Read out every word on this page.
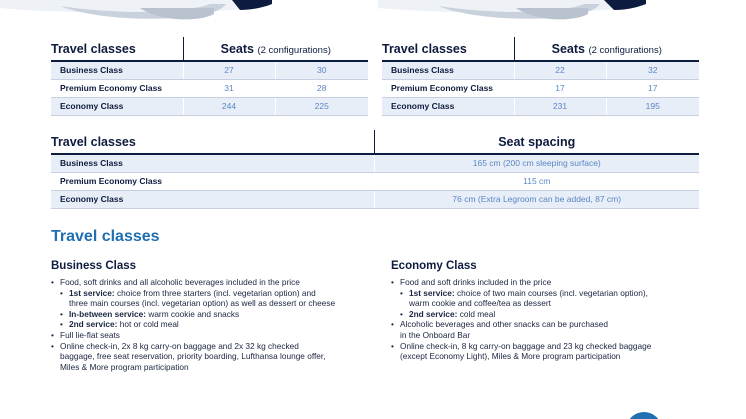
Travel classes	Seats (2 configurations)	
Business Class	27	30
Premium Economy Class	31	28
Economy Class	244	225
Travel classes	Seats (2 configurations)	
Business Class	22	32
Premium Economy Class	17	17
Economy Class	231	195
Travel classes	Seat spacing
Business Class	165 cm (200 cm sleeping surface)
Premium Economy Class	115 cm
Economy Class	76 cm (Extra Legroom can be added, 87 cm)
Travel classes
Business Class
• Food, soft drinks and all alcoholic beverages included in the price
• 1st service: choice from three starters (incl. vegetarian option) and
three main courses (incl. vegetarian option) as well as dessert or cheese
• In-between service: warm cookie and snacks
• 2nd service: hot or cold meal
• Full lie-flat seats
• Online check-in, 2x 8 kg carry-on baggage and 2x 32 kg checked
baggage, free seat reservation, priority boarding, Lufthansa lounge offer,
Miles & More program participation
Economy Class
• Food and soft drinks included in the price
• 1st service: choice of two main courses (incl. vegetarian option),
warm cookie and coffee/tea as dessert
• 2nd service: cold meal
• Alcoholic beverages and other snacks can be purchased
in the Onboard Bar
• Online check-in, 8 kg carry-on baggage and 23 kg checked baggage
(except Economy Light), Miles & More program participation
